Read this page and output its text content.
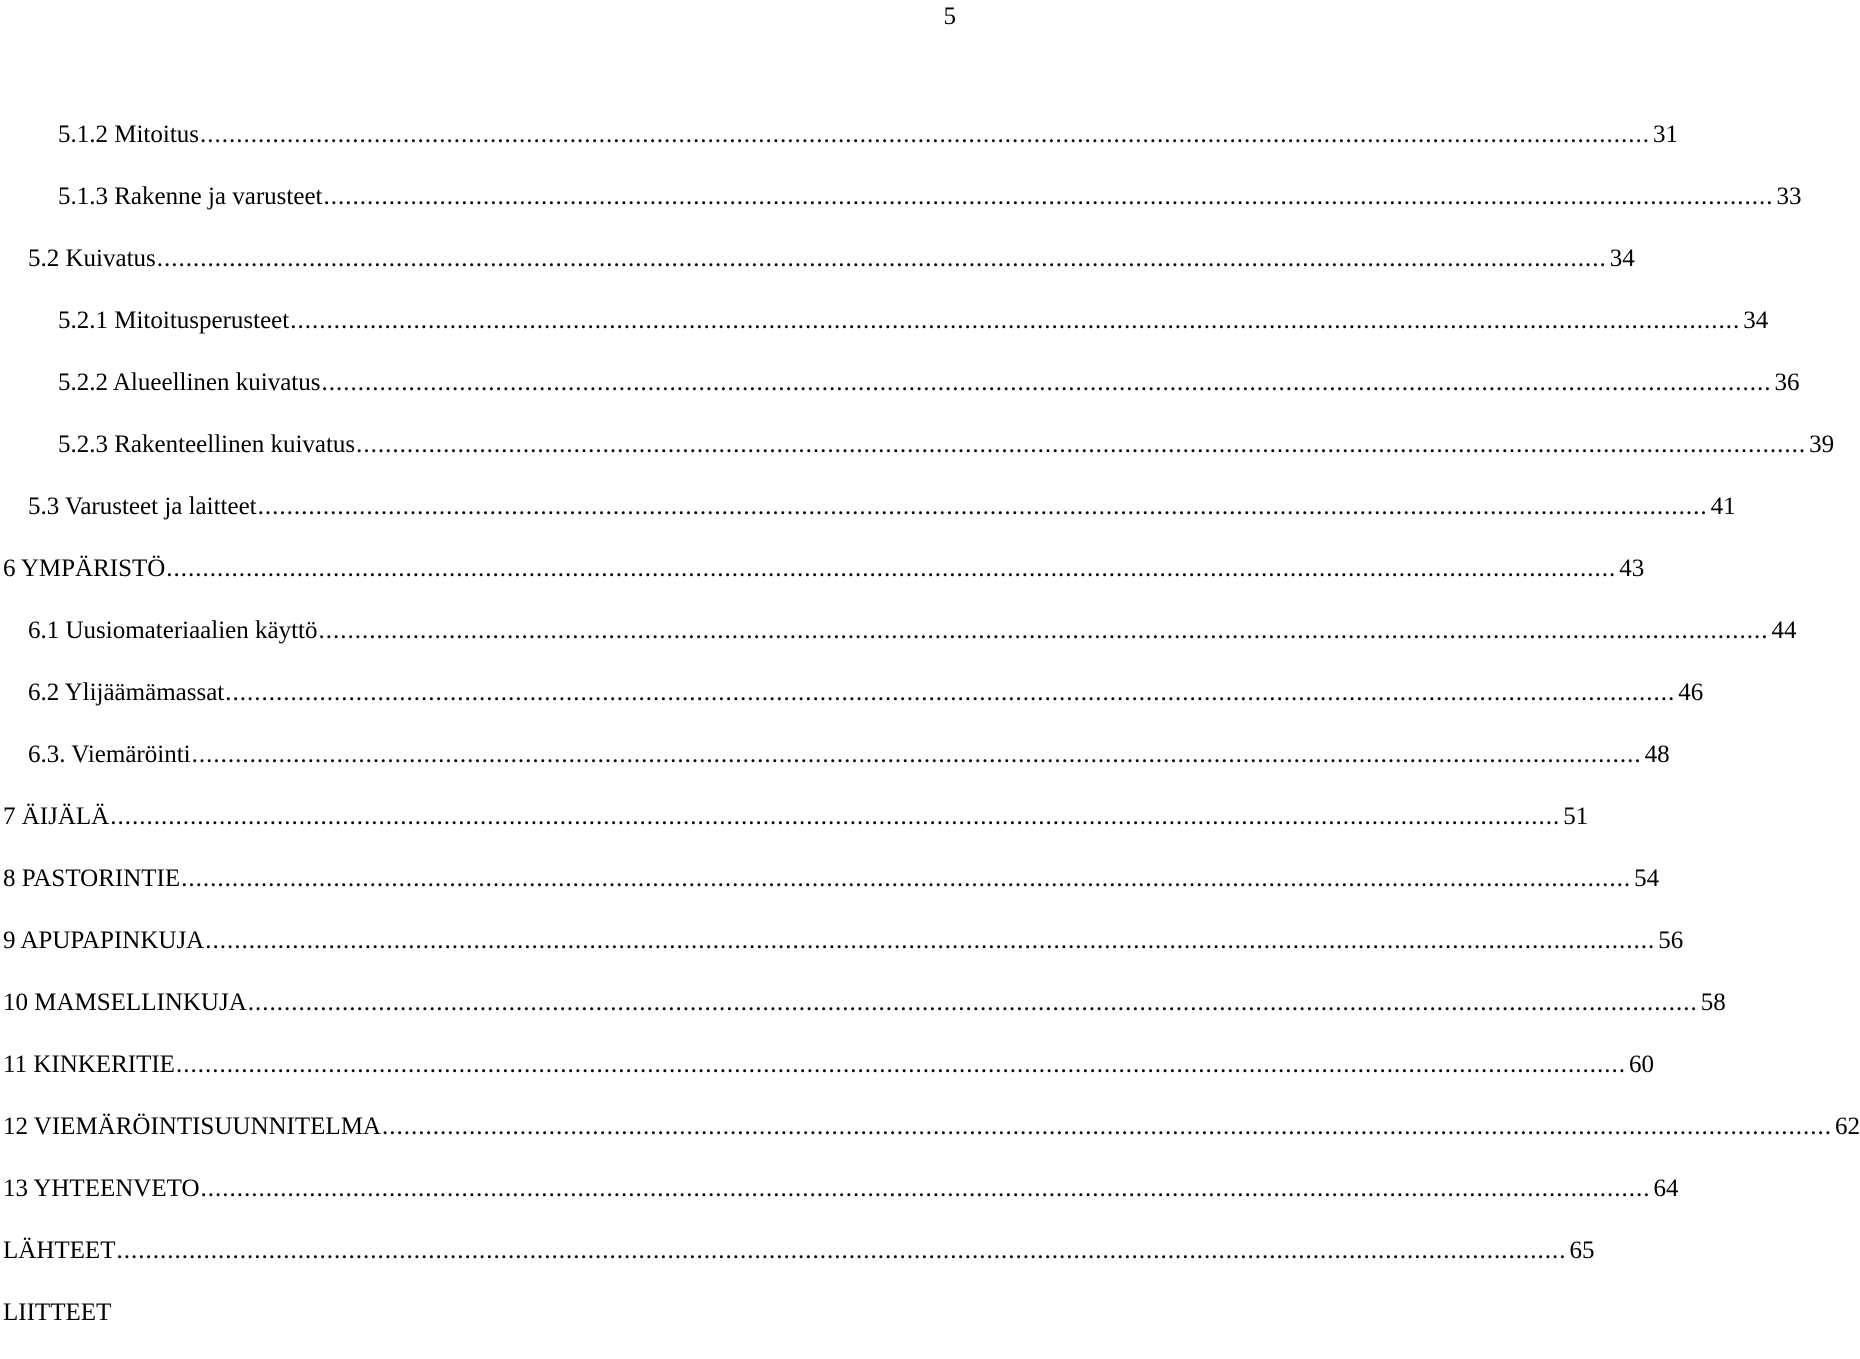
5
5.1.2 Mitoitus ........................................................................................................................................................................................................ 31
5.1.3 Rakenne ja varusteet ........................................................................................................................................................................................................ 33
5.2 Kuivatus ........................................................................................................................................................................................................ 34
5.2.1 Mitoitusperusteet ........................................................................................................................................................................................................ 34
5.2.2 Alueellinen kuivatus ........................................................................................................................................................................................................ 36
5.2.3 Rakenteellinen kuivatus ........................................................................................................................................................................................................ 39
5.3 Varusteet ja laitteet ........................................................................................................................................................................................................ 41
6 YMPÄRISTÖ ........................................................................................................................................................................................................ 43
6.1 Uusiomateriaalien käyttö ........................................................................................................................................................................................................ 44
6.2 Ylijäämämassat ........................................................................................................................................................................................................ 46
6.3. Viemäröinti ........................................................................................................................................................................................................ 48
7 ÄIJÄLÄ ........................................................................................................................................................................................................ 51
8 PASTORINTIE ........................................................................................................................................................................................................ 54
9 APUPAPINKUJA ........................................................................................................................................................................................................ 56
10 MAMSELLINKUJA ........................................................................................................................................................................................................ 58
11 KINKERITIE ........................................................................................................................................................................................................ 60
12 VIEMÄRÖINTISUUNNITELMA ........................................................................................................................................................................................................ 62
13 YHTEENVETO ........................................................................................................................................................................................................ 64
LÄHTEET ........................................................................................................................................................................................................ 65
LIITTEET
